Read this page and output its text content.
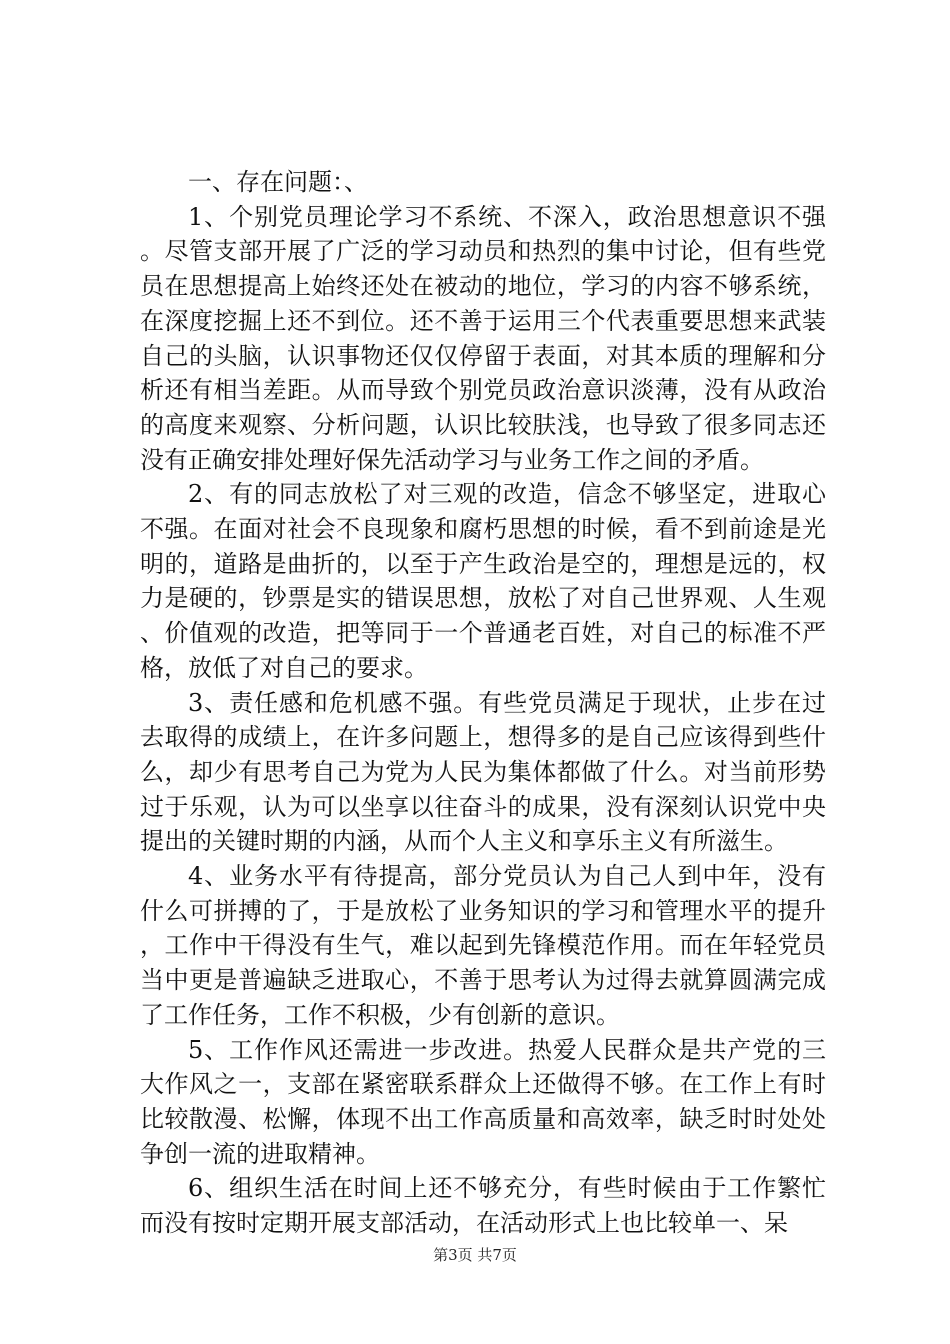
一、存在问题：、

1、个别党员理论学习不系统、不深入，政治思想意识不强。尽管支部开展了广泛的学习动员和热烈的集中讨论，但有些党员在思想提高上始终还处在被动的地位，学习的内容不够系统，在深度挖掘上还不到位。还不善于运用三个代表重要思想来武装自己的头脑，认识事物还仅仅停留于表面，对其本质的理解和分析还有相当差距。从而导致个别党员政治意识淡薄，没有从政治的高度来观察、分析问题，认识比较肤浅，也导致了很多同志还没有正确安排处理好保先活动学习与业务工作之间的矛盾。

2、有的同志放松了对三观的改造，信念不够坚定，进取心不强。在面对社会不良现象和腐朽思想的时候，看不到前途是光明的，道路是曲折的，以至于产生政治是空的，理想是远的，权力是硬的，钞票是实的错误思想，放松了对自己世界观、人生观、价值观的改造，把等同于一个普通老百姓，对自己的标准不严格，放低了对自己的要求。

3、责任感和危机感不强。有些党员满足于现状，止步在过去取得的成绩上，在许多问题上，想得多的是自己应该得到些什么，却少有思考自己为党为人民为集体都做了什么。对当前形势过于乐观，认为可以坐享以往奋斗的成果，没有深刻认识党中央提出的关键时期的内涵，从而个人主义和享乐主义有所滋生。

4、业务水平有待提高，部分党员认为自己人到中年，没有什么可拼搏的了，于是放松了业务知识的学习和管理水平的提升，工作中干得没有生气，难以起到先锋模范作用。而在年轻党员当中更是普遍缺乏进取心，不善于思考认为过得去就算圆满完成了工作任务，工作不积极，少有创新的意识。

5、工作作风还需进一步改进。热爱人民群众是共产党的三大作风之一，支部在紧密联系群众上还做得不够。在工作上有时比较散漫、松懈，体现不出工作高质量和高效率，缺乏时时处处争创一流的进取精神。

6、组织生活在时间上还不够充分，有些时候由于工作繁忙而没有按时定期开展支部活动，在活动形式上也比较单一、呆

第3页 共7页
